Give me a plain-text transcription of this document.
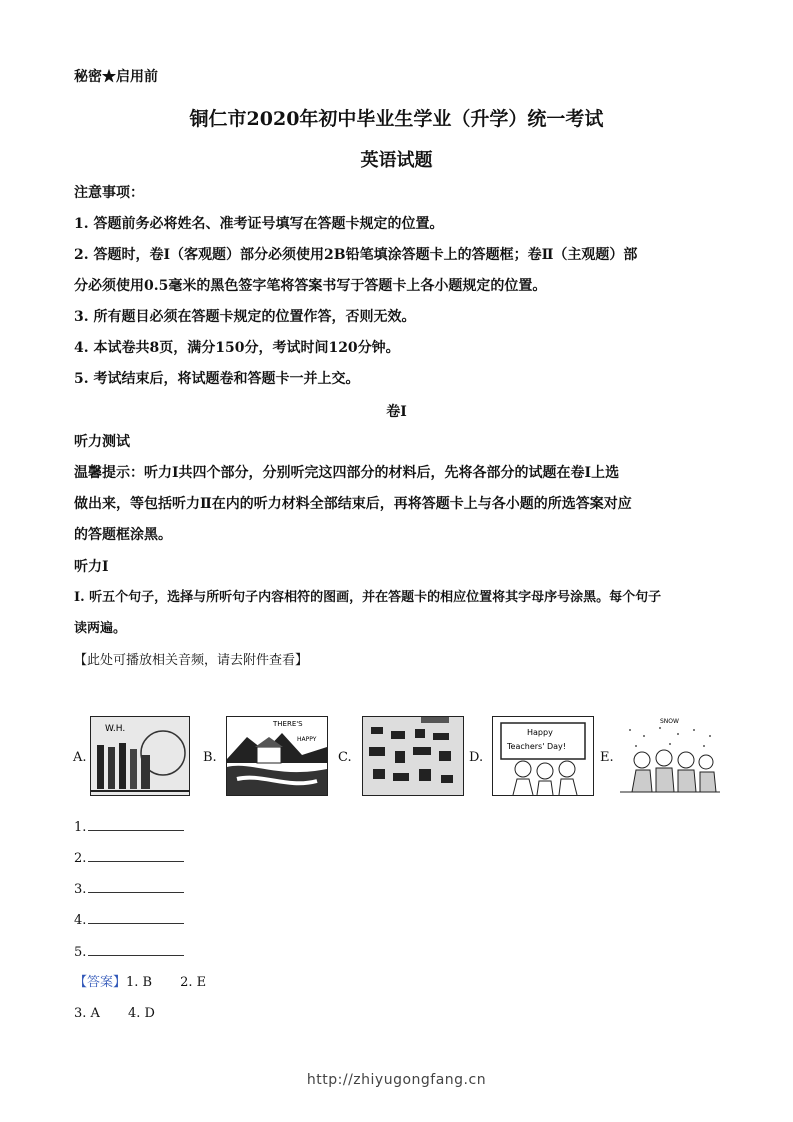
秘密★启用前
铜仁市2020年初中毕业生学业（升学）统一考试
英语试题
注意事项：
1. 答题前务必将姓名、准考证号填写在答题卡规定的位置。
2. 答题时，卷Ⅰ（客观题）部分必须使用2B铅笔填涂答题卡上的答题框；卷Ⅱ（主观题）部
分必须使用0.5毫米的黑色签字笔将答案书写于答题卡上各小题规定的位置。
3. 所有题目必须在答题卡规定的位置作答，否则无效。
4. 本试卷共8页，满分150分，考试时间120分钟。
5. 考试结束后，将试题卷和答题卡一并上交。
卷Ⅰ
听力测试
温馨提示：听力Ⅰ共四个部分，分别听完这四部分的材料后，先将各部分的试题在卷Ⅰ上选
做出来，等包括听力Ⅱ在内的听力材料全部结束后，再将答题卡上与各小题的所选答案对应
的答题框涂黑。
听力Ⅰ
Ⅰ. 听五个句子，选择与所听句子内容相符的图画，并在答题卡的相应位置将其字母序号涂黑。每个句子
读两遍。
【此处可播放相关音频，请去附件查看】
A.
W.H.
B.
THERE'S
HAPPY
C.	D.
Happy
Teachers' Day!
E.
SNOW
1.
2.
3.
4.
5.
【答案】1. B 2. E
3. A 4. D
http://zhiyugongfang.cn
